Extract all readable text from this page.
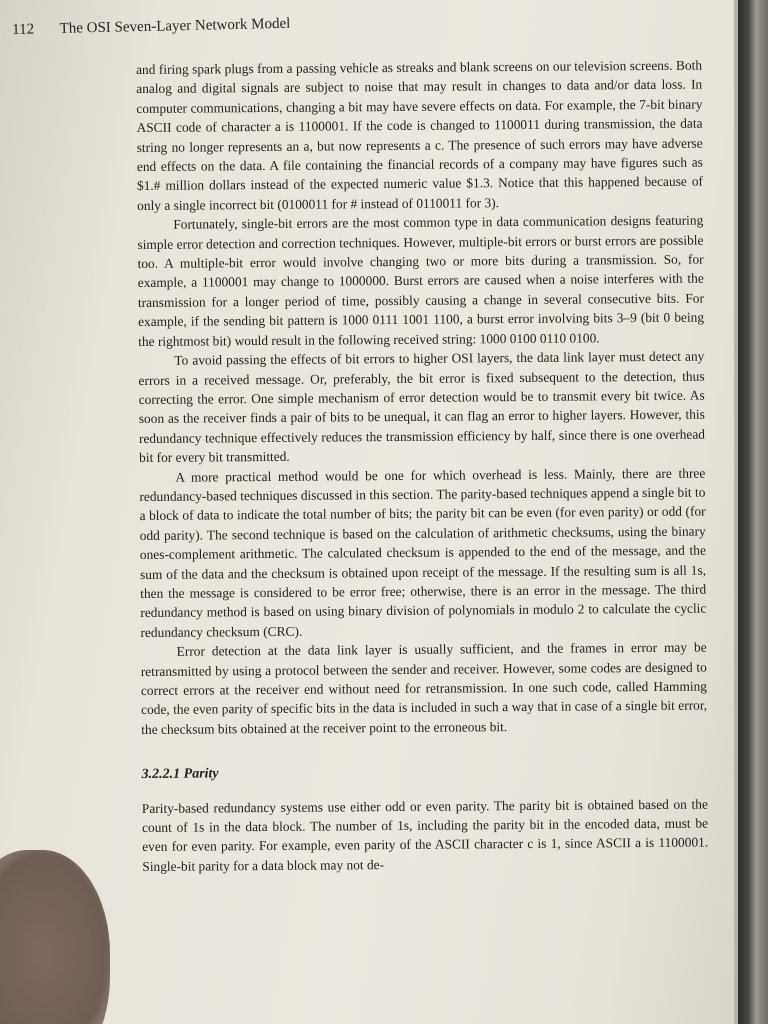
112 The OSI Seven-Layer Network Model

and firing spark plugs from a passing vehicle as streaks and blank screens on our television screens. Both analog and digital signals are subject to noise that may result in changes to data and/or data loss. In computer communications, changing a bit may have severe effects on data. For example, the 7-bit binary ASCII code of character a is 1100001. If the code is changed to 1100011 during transmission, the data string no longer represents an a, but now represents a c. The presence of such errors may have adverse end effects on the data. A file containing the financial records of a company may have figures such as $1.# million dollars instead of the expected numeric value $1.3. Notice that this happened because of only a single incorrect bit (0100011 for # instead of 0110011 for 3).

Fortunately, single-bit errors are the most common type in data communication designs featuring simple error detection and correction techniques. However, multiple-bit errors or burst errors are possible too. A multiple-bit error would involve changing two or more bits during a transmission. So, for example, a 1100001 may change to 1000000. Burst errors are caused when a noise interferes with the transmission for a longer period of time, possibly causing a change in several consecutive bits. For example, if the sending bit pattern is 1000 0111 1001 1100, a burst error involving bits 3–9 (bit 0 being the rightmost bit) would result in the following received string: 1000 0100 0110 0100.

To avoid passing the effects of bit errors to higher OSI layers, the data link layer must detect any errors in a received message. Or, preferably, the bit error is fixed subsequent to the detection, thus correcting the error. One simple mechanism of error detection would be to transmit every bit twice. As soon as the receiver finds a pair of bits to be unequal, it can flag an error to higher layers. However, this redundancy technique effectively reduces the transmission efficiency by half, since there is one overhead bit for every bit transmitted.

A more practical method would be one for which overhead is less. Mainly, there are three redundancy-based techniques discussed in this section. The parity-based techniques append a single bit to a block of data to indicate the total number of bits; the parity bit can be even (for even parity) or odd (for odd parity). The second technique is based on the calculation of arithmetic checksums, using the binary ones-complement arithmetic. The calculated checksum is appended to the end of the message, and the sum of the data and the checksum is obtained upon receipt of the message. If the resulting sum is all 1s, then the message is considered to be error free; otherwise, there is an error in the message. The third redundancy method is based on using binary division of polynomials in modulo 2 to calculate the cyclic redundancy checksum (CRC).

Error detection at the data link layer is usually sufficient, and the frames in error may be retransmitted by using a protocol between the sender and receiver. However, some codes are designed to correct errors at the receiver end without need for retransmission. In one such code, called Hamming code, the even parity of specific bits in the data is included in such a way that in case of a single bit error, the checksum bits obtained at the receiver point to the erroneous bit.

3.2.2.1 Parity

Parity-based redundancy systems use either odd or even parity. The parity bit is obtained based on the count of 1s in the data block. The number of 1s, including the parity bit in the encoded data, must be even for even parity. For example, even parity of the ASCII character c is 1, since ASCII a is 1100001. Single-bit parity for a data block may not de-
